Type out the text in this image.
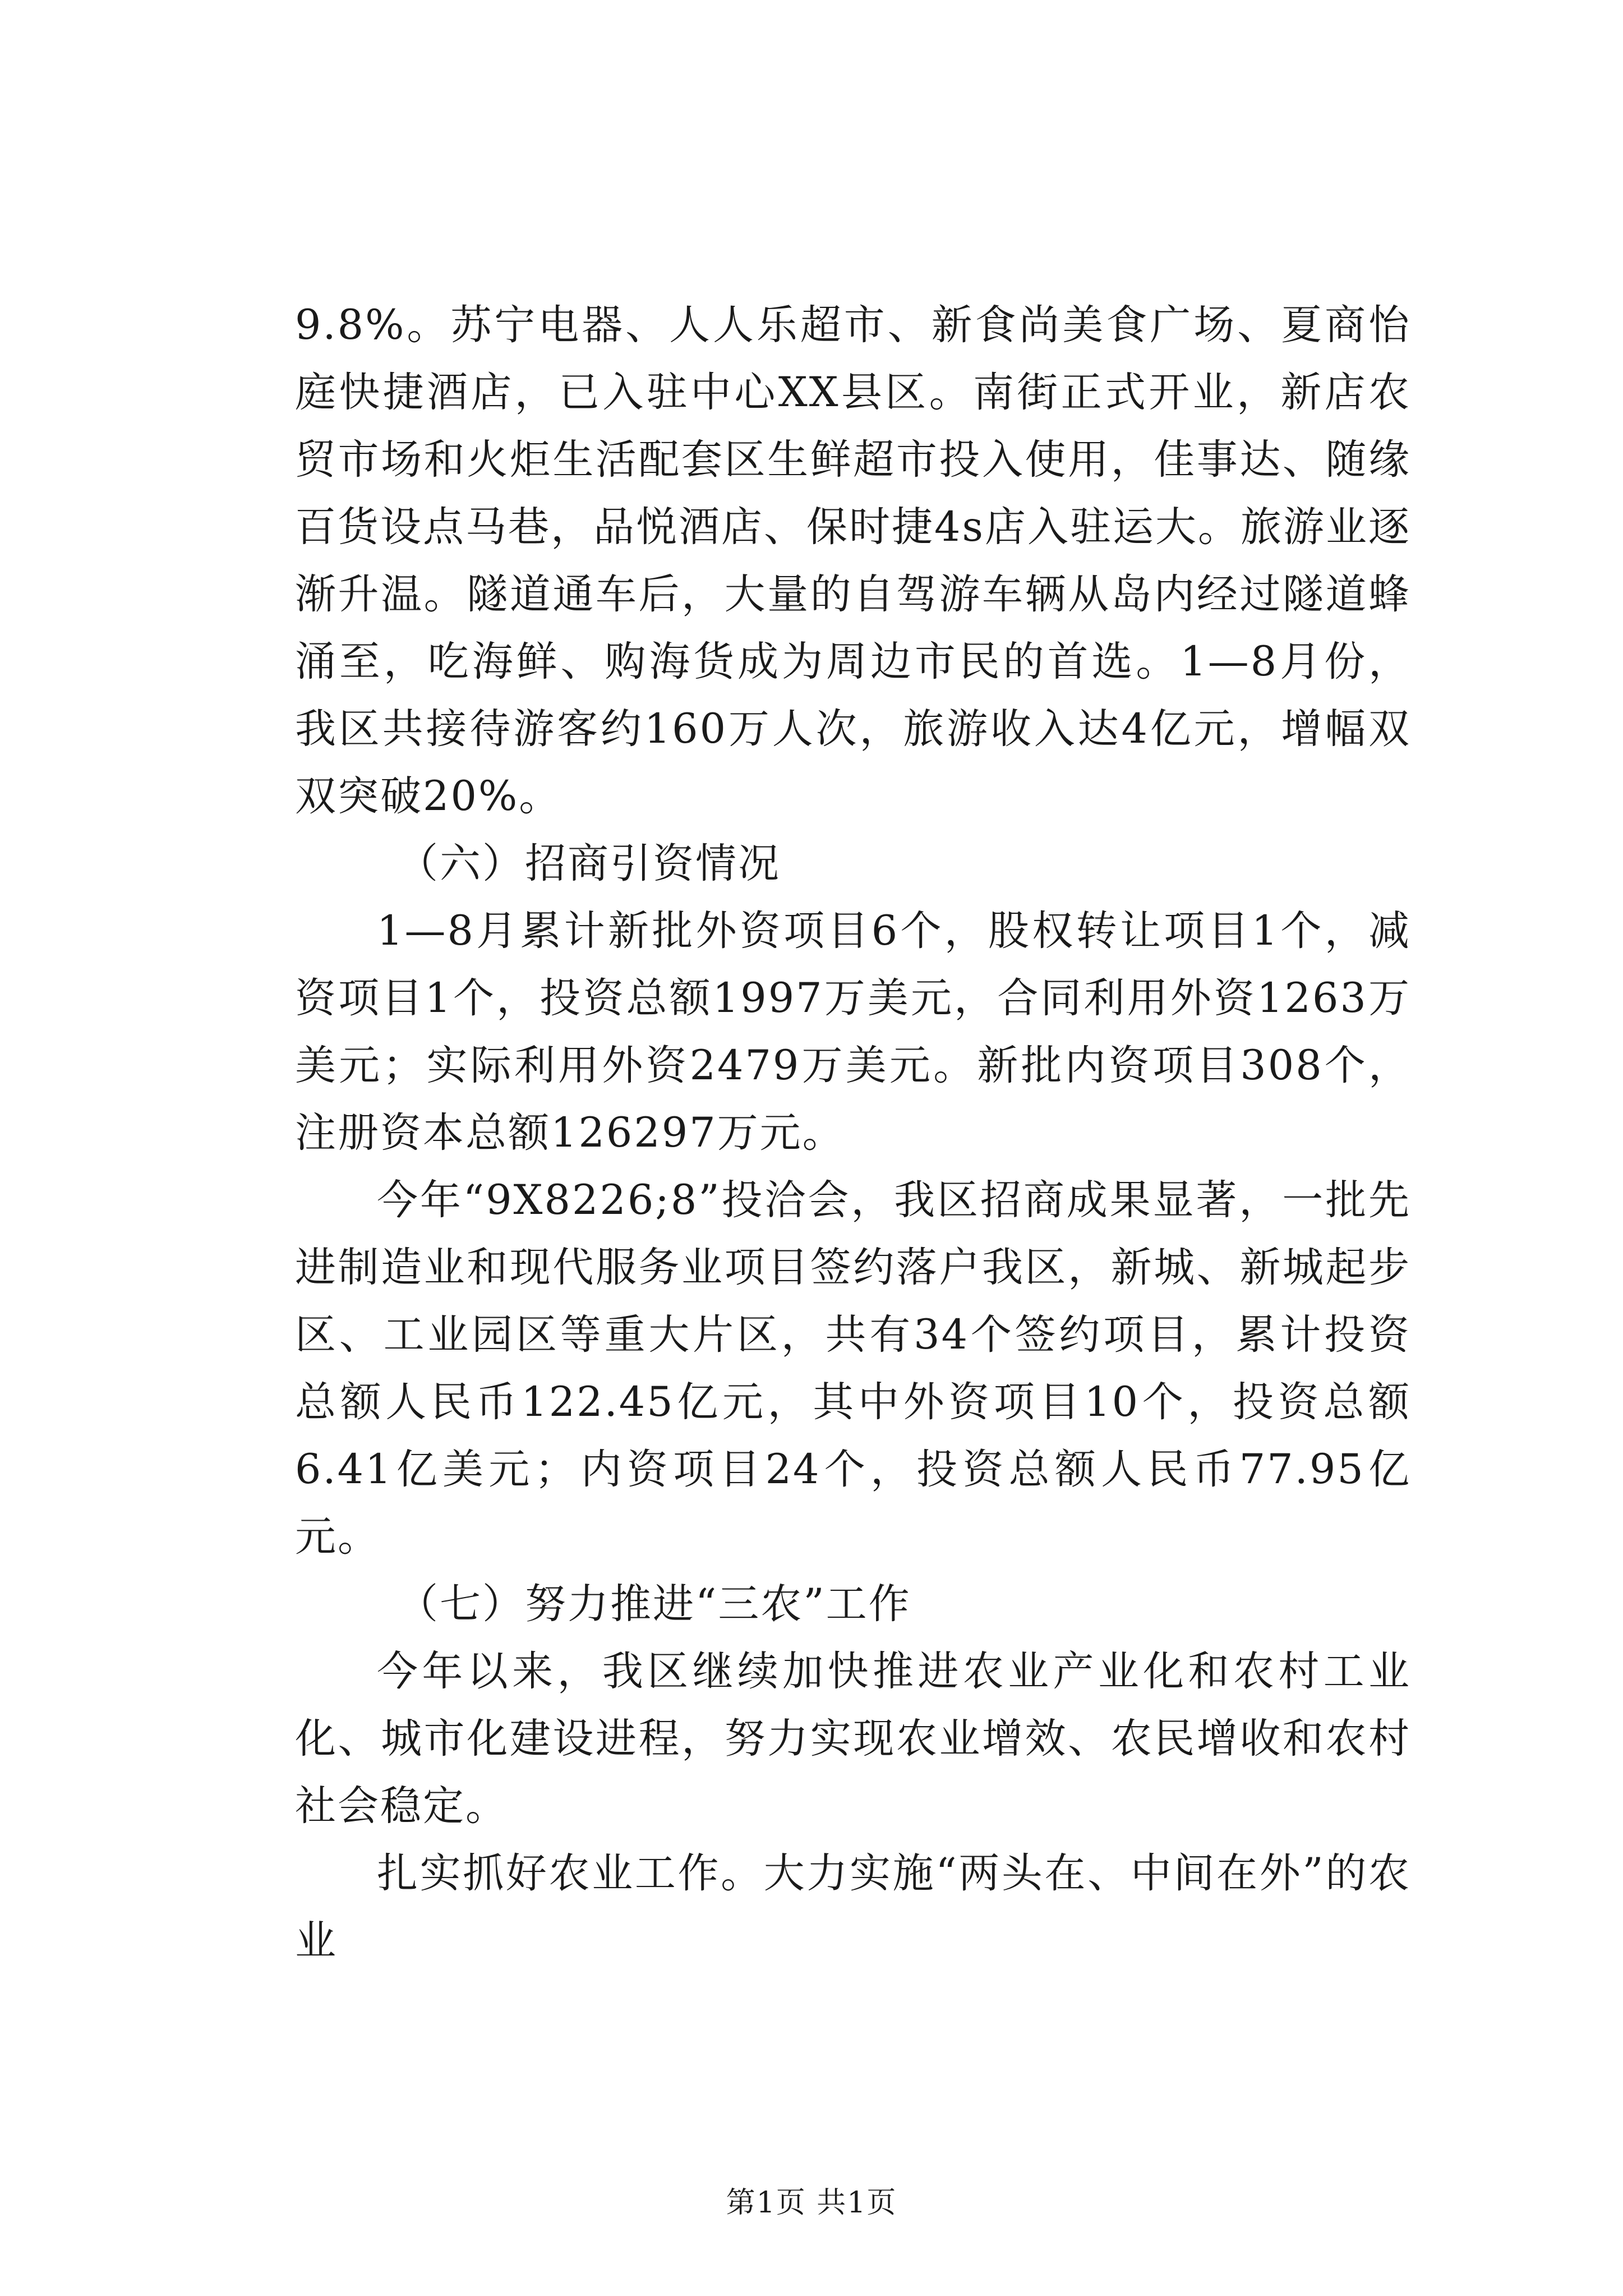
9.8%。苏宁电器、人人乐超市、新食尚美食广场、夏商怡庭快捷酒店，已入驻中心XX县区。南街正式开业，新店农贸市场和火炬生活配套区生鲜超市投入使用，佳事达、随缘百货设点马巷，品悦酒店、保时捷4s店入驻运大。旅游业逐渐升温。隧道通车后，大量的自驾游车辆从岛内经过隧道蜂涌至，吃海鲜、购海货成为周边市民的首选。1—8月份，我区共接待游客约160万人次，旅游收入达4亿元，增幅双双突破20%。

（六）招商引资情况

1—8月累计新批外资项目6个，股权转让项目1个，减资项目1个，投资总额1997万美元，合同利用外资1263万美元；实际利用外资2479万美元。新批内资项目308个，注册资本总额126297万元。

今年“9X8226;8”投洽会，我区招商成果显著，一批先进制造业和现代服务业项目签约落户我区，新城、新城起步区、工业园区等重大片区，共有34个签约项目，累计投资总额人民币122.45亿元，其中外资项目10个，投资总额6.41亿美元；内资项目24个，投资总额人民币77.95亿元。

（七）努力推进“三农”工作

今年以来，我区继续加快推进农业产业化和农村工业化、城市化建设进程，努力实现农业增效、农民增收和农村社会稳定。

扎实抓好农业工作。大力实施“两头在、中间在外”的农业

第1页 共1页
